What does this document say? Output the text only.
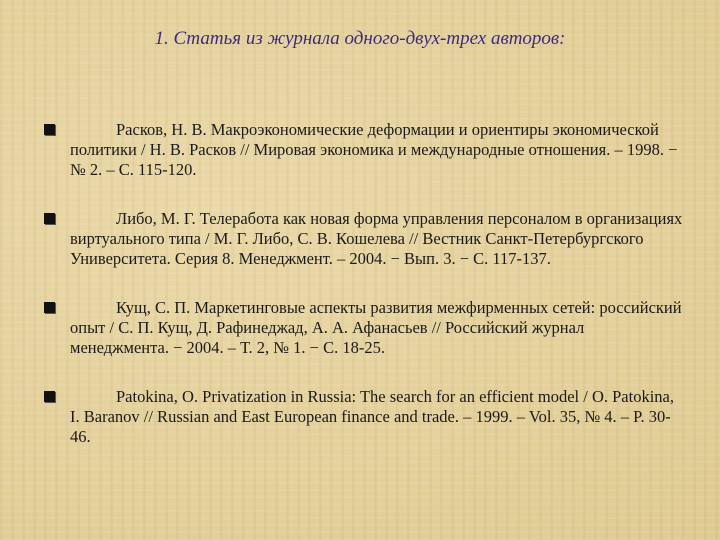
1. Статья из журнала одного-двух-трех авторов:
Расков, Н. В. Макроэкономические деформации и ориентиры экономической политики / Н. В. Расков // Мировая экономика и международные отношения. – 1998. − № 2. – С. 115-120.
Либо, М. Г. Телеработа как новая форма управления персоналом в организациях виртуального типа / М. Г. Либо, С. В. Кошелева // Вестник Санкт-Петербургского Университета. Серия 8. Менеджмент. – 2004. − Вып. 3. − С. 117-137.
Кущ, С. П. Маркетинговые аспекты развития межфирменных сетей: российский опыт / С. П. Кущ, Д. Рафинеджад, А. А. Афанасьев // Российский журнал менеджмента. − 2004. – Т. 2, № 1. − С. 18-25.
Patokina, O. Privatization in Russia: The search for an efficient model / O. Patokina, I. Baranov // Russian and East European finance and trade. – 1999. – Vol. 35, № 4. – P. 30-46.
